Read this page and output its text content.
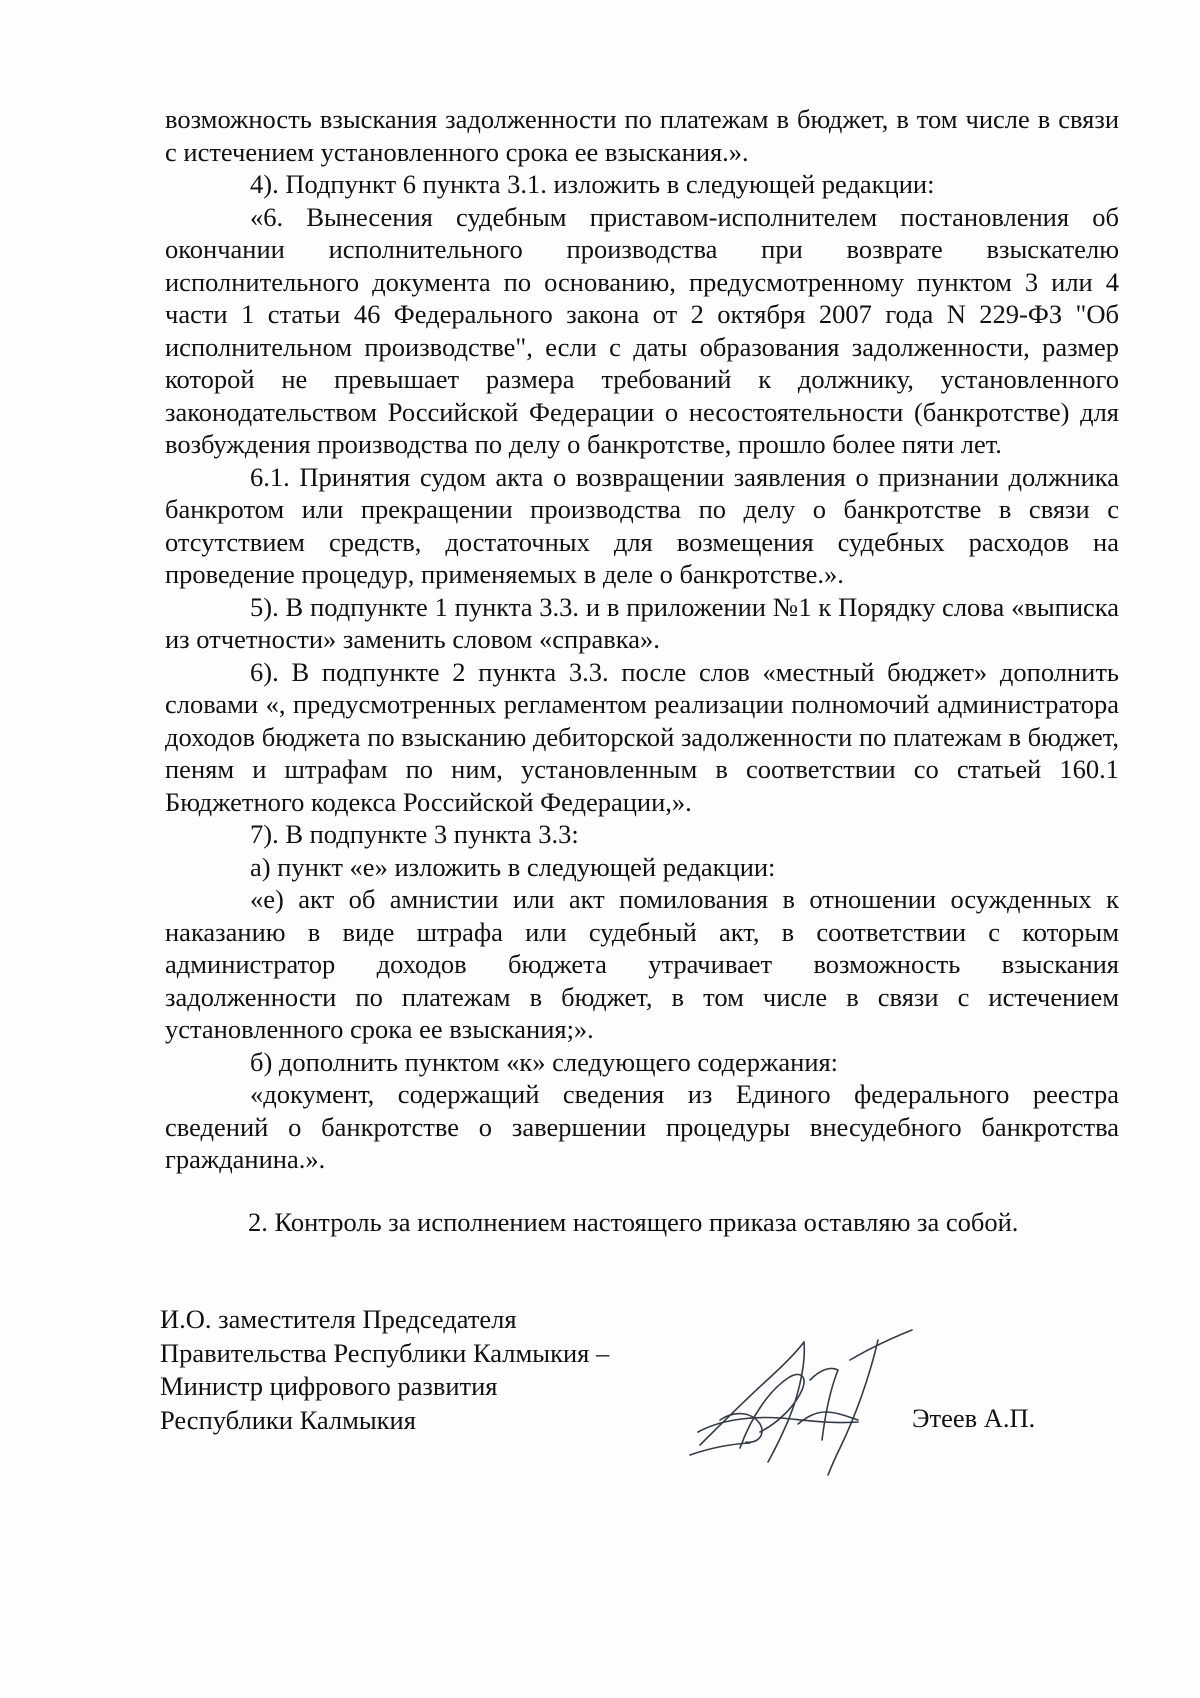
возможность взыскания задолженности по платежам в бюджет, в том числе в связи с истечением установленного срока ее взыскания.».

4). Подпункт 6 пункта 3.1. изложить в следующей редакции:

«6. Вынесения судебным приставом-исполнителем постановления об окончании исполнительного производства при возврате взыскателю исполнительного документа по основанию, предусмотренному пунктом 3 или 4 части 1 статьи 46 Федерального закона от 2 октября 2007 года N 229-ФЗ "Об исполнительном производстве", если с даты образования задолженности, размер которой не превышает размера требований к должнику, установленного законодательством Российской Федерации о несостоятельности (банкротстве) для возбуждения производства по делу о банкротстве, прошло более пяти лет.

6.1. Принятия судом акта о возвращении заявления о признании должника банкротом или прекращении производства по делу о банкротстве в связи с отсутствием средств, достаточных для возмещения судебных расходов на проведение процедур, применяемых в деле о банкротстве.».

5). В подпункте 1 пункта 3.3. и в приложении №1 к Порядку слова «выписка из отчетности» заменить словом «справка».

6). В подпункте 2 пункта 3.3. после слов «местный бюджет» дополнить словами «, предусмотренных регламентом реализации полномочий администратора доходов бюджета по взысканию дебиторской задолженности по платежам в бюджет, пеням и штрафам по ним, установленным в соответствии со статьей 160.1 Бюджетного кодекса Российской Федерации,».

7). В подпункте 3 пункта 3.3:

а) пункт «е» изложить в следующей редакции:

«е) акт об амнистии или акт помилования в отношении осужденных к наказанию в виде штрафа или судебный акт, в соответствии с которым администратор доходов бюджета утрачивает возможность взыскания задолженности по платежам в бюджет, в том числе в связи с истечением установленного срока ее взыскания;».

б) дополнить пунктом «к» следующего содержания:

«документ, содержащий сведения из Единого федерального реестра сведений о банкротстве о завершении процедуры внесудебного банкротства гражданина.».

2. Контроль за исполнением настоящего приказа оставляю за собой.
И.О. заместителя Председателя
Правительства Республики Калмыкия –
Министр цифрового развития
Республики Калмыкия	Этеев А.П.
